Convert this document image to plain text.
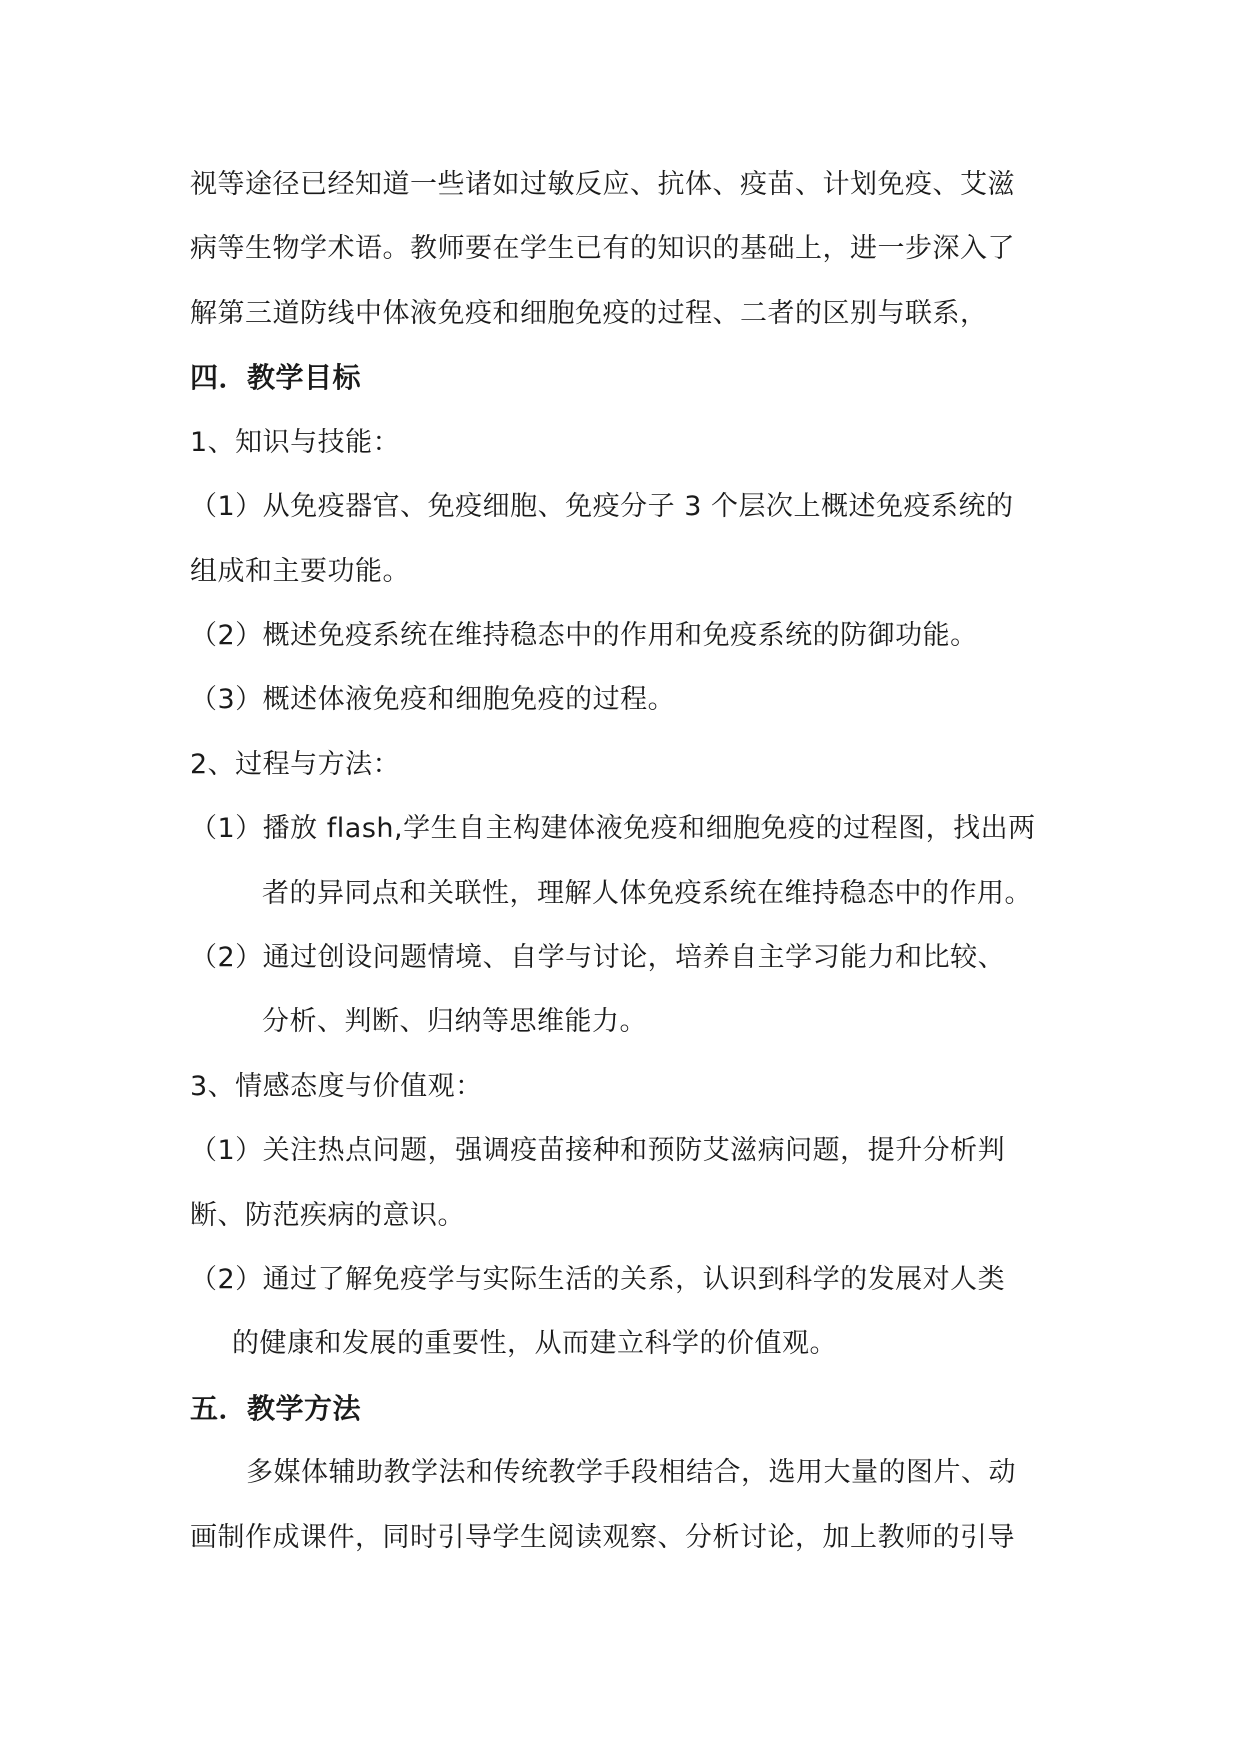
视等途径已经知道一些诸如过敏反应、抗体、疫苗、计划免疫、艾滋
病等生物学术语。教师要在学生已有的知识的基础上，进一步深入了
解第三道防线中体液免疫和细胞免疫的过程、二者的区别与联系，
四．教学目标
1、知识与技能：
（1）从免疫器官、免疫细胞、免疫分子 3 个层次上概述免疫系统的
组成和主要功能。
（2）概述免疫系统在维持稳态中的作用和免疫系统的防御功能。
（3）概述体液免疫和细胞免疫的过程。
2、过程与方法：
（1）播放 flash,学生自主构建体液免疫和细胞免疫的过程图，找出两
者的异同点和关联性，理解人体免疫系统在维持稳态中的作用。
（2）通过创设问题情境、自学与讨论，培养自主学习能力和比较、
分析、判断、归纳等思维能力。
3、情感态度与价值观：
（1）关注热点问题，强调疫苗接种和预防艾滋病问题，提升分析判
断、防范疾病的意识。
（2）通过了解免疫学与实际生活的关系，认识到科学的发展对人类
的健康和发展的重要性，从而建立科学的价值观。
五．教学方法
多媒体辅助教学法和传统教学手段相结合，选用大量的图片、动
画制作成课件，同时引导学生阅读观察、分析讨论，加上教师的引导
